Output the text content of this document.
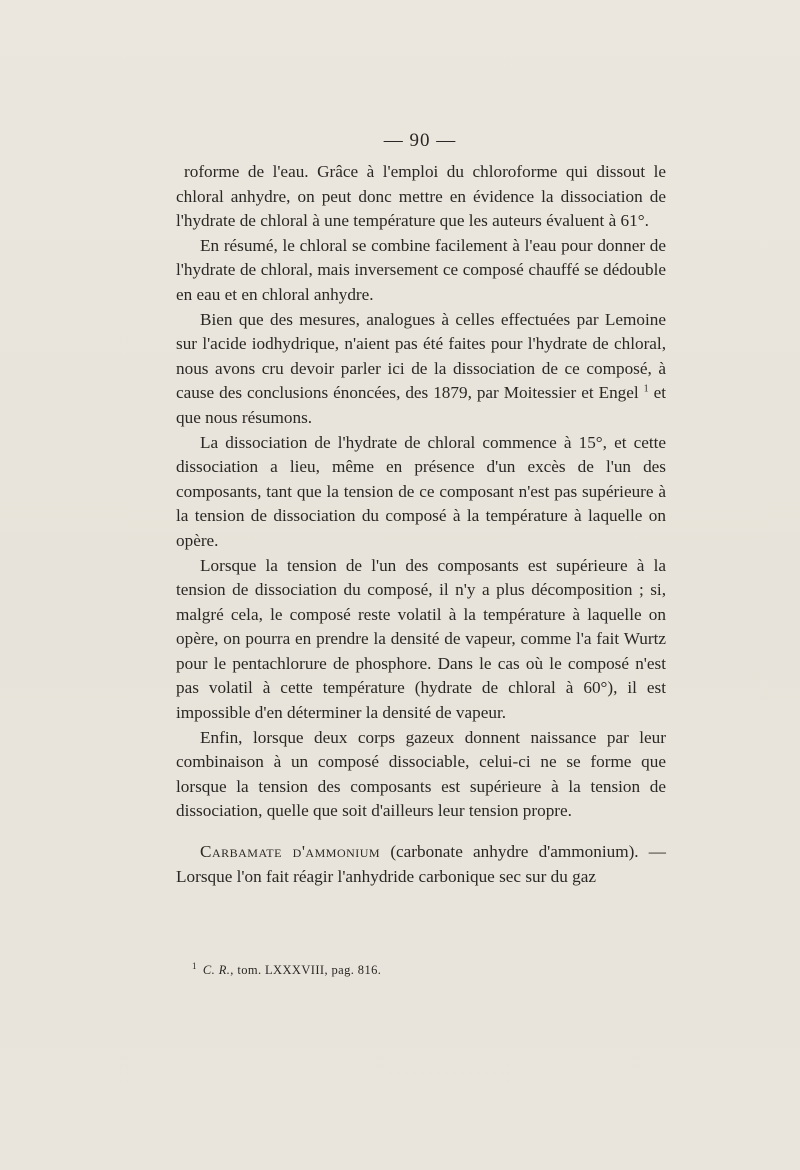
— 90 —

roforme de l'eau. Grâce à l'emploi du chloroforme qui dissout le chloral anhydre, on peut donc mettre en évidence la dissociation de l'hydrate de chloral à une température que les auteurs évaluent à 61°.

En résumé, le chloral se combine facilement à l'eau pour donner de l'hydrate de chloral, mais inversement ce composé chauffé se dédouble en eau et en chloral anhydre.

Bien que des mesures, analogues à celles effectuées par Lemoine sur l'acide iodhydrique, n'aient pas été faites pour l'hydrate de chloral, nous avons cru devoir parler ici de la dissociation de ce composé, à cause des conclusions énoncées, des 1879, par Moitessier et Engel $^1$ et que nous résumons.

La dissociation de l'hydrate de chloral commence à 15°, et cette dissociation a lieu, même en présence d'un excès de l'un des composants, tant que la tension de ce composant n'est pas supérieure à la tension de dissociation du composé à la température à laquelle on opère.

Lorsque la tension de l'un des composants est supérieure à la tension de dissociation du composé, il n'y a plus décomposition ; si, malgré cela, le composé reste volatil à la température à laquelle on opère, on pourra en prendre la densité de vapeur, comme l'a fait Wurtz pour le pentachlorure de phosphore. Dans le cas où le composé n'est pas volatil à cette température (hydrate de chloral à 60°), il est impossible d'en déterminer la densité de vapeur.

Enfin, lorsque deux corps gazeux donnent naissance par leur combinaison à un composé dissociable, celui-ci ne se forme que lorsque la tension des composants est supérieure à la tension de dissociation, quelle que soit d'ailleurs leur tension propre.

Carbamate d'ammonium (carbonate anhydre d'ammonium). — Lorsque l'on fait réagir l'anhydride carbonique sec sur du gaz

$^1$ C. R., tom. LXXXVIII, pag. 816.
